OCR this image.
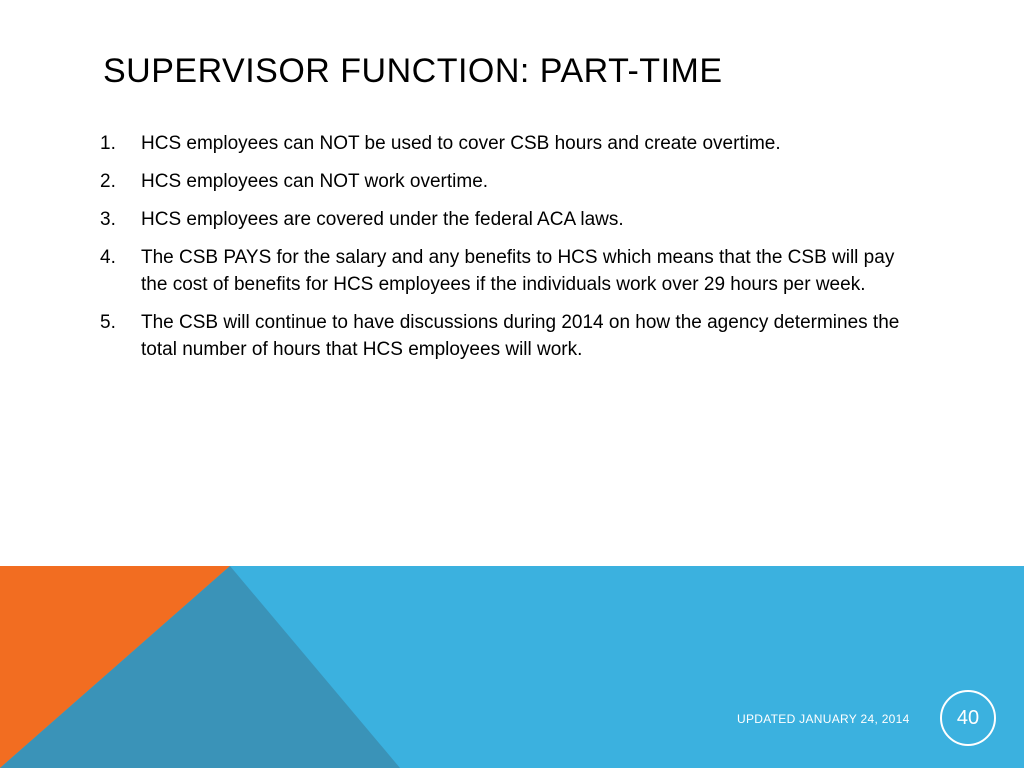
SUPERVISOR FUNCTION: PART-TIME
1.	HCS employees can NOT be used to cover CSB hours and create overtime.
2.	HCS employees can NOT work overtime.
3.	HCS employees are covered under the federal ACA laws.
4.	The CSB PAYS for the salary and any benefits to HCS which means that the CSB will pay the cost of benefits for HCS employees if the individuals work over 29 hours per week.
5.	The CSB will continue to have discussions during 2014 on how the agency determines the total number of hours that HCS employees will work.
UPDATED JANUARY 24, 2014	40
